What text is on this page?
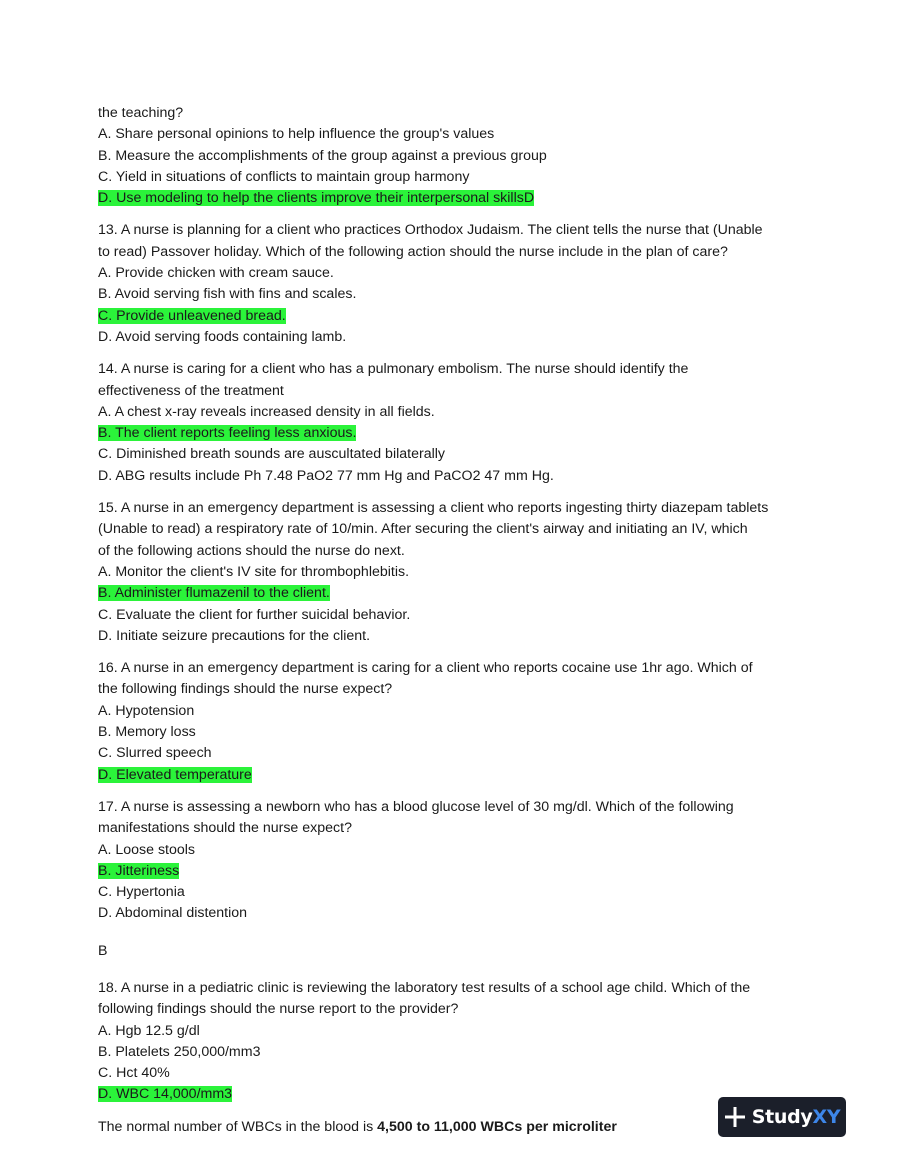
the teaching?
A. Share personal opinions to help influence the group's values
B. Measure the accomplishments of the group against a previous group
C. Yield in situations of conflicts to maintain group harmony
D. Use modeling to help the clients improve their interpersonal skillsD
13. A nurse is planning for a client who practices Orthodox Judaism. The client tells the nurse that (Unable
to read) Passover holiday. Which of the following action should the nurse include in the plan of care?
A. Provide chicken with cream sauce.
B. Avoid serving fish with fins and scales.
C. Provide unleavened bread.
D. Avoid serving foods containing lamb.
14. A nurse is caring for a client who has a pulmonary embolism. The nurse should identify the
effectiveness of the treatment
A. A chest x-ray reveals increased density in all fields.
B. The client reports feeling less anxious.
C. Diminished breath sounds are auscultated bilaterally
D. ABG results include Ph 7.48 PaO2 77 mm Hg and PaCO2 47 mm Hg.
15. A nurse in an emergency department is assessing a client who reports ingesting thirty diazepam tablets
(Unable to read) a respiratory rate of 10/min. After securing the client's airway and initiating an IV, which
of the following actions should the nurse do next.
A. Monitor the client's IV site for thrombophlebitis.
B. Administer flumazenil to the client.
C. Evaluate the client for further suicidal behavior.
D. Initiate seizure precautions for the client.
16. A nurse in an emergency department is caring for a client who reports cocaine use 1hr ago. Which of
the following findings should the nurse expect?
A. Hypotension
B. Memory loss
C. Slurred speech
D. Elevated temperature
17. A nurse is assessing a newborn who has a blood glucose level of 30 mg/dl. Which of the following
manifestations should the nurse expect?
A. Loose stools
B. Jitteriness
C. Hypertonia
D. Abdominal distention
B
18. A nurse in a pediatric clinic is reviewing the laboratory test results of a school age child. Which of the
following findings should the nurse report to the provider?
A. Hgb 12.5 g/dl
B. Platelets 250,000/mm3
C. Hct 40%
D. WBC 14,000/mm3
The normal number of WBCs in the blood is 4,500 to 11,000 WBCs per microliter	StudyXY
